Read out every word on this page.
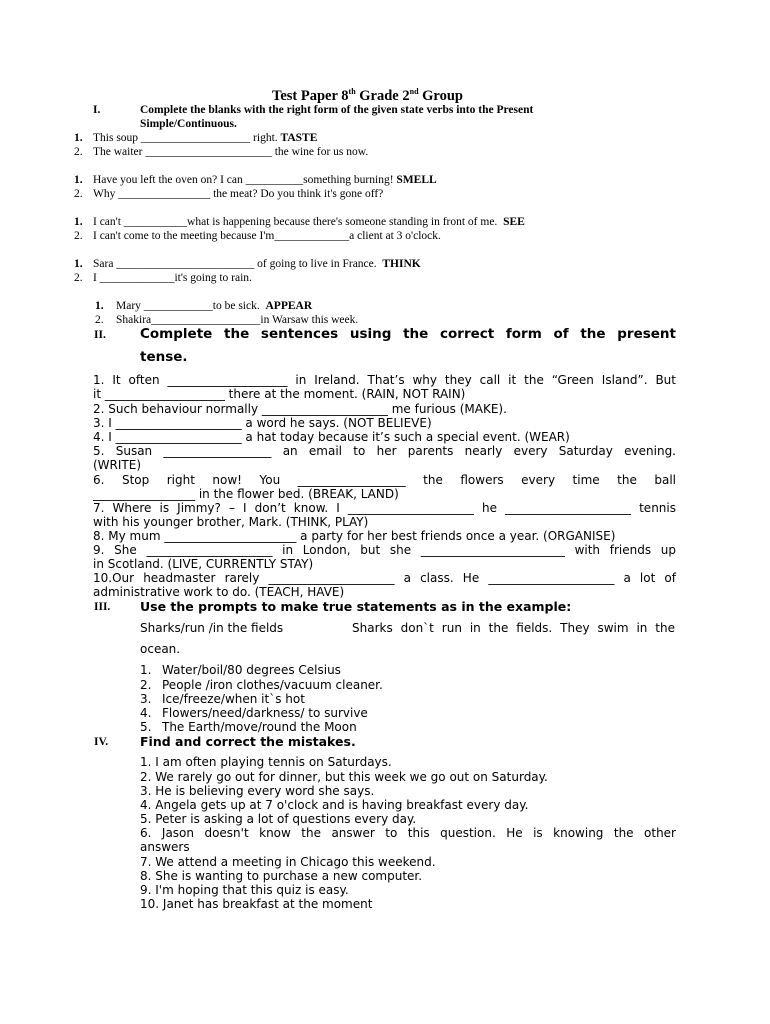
Test Paper 8th Grade 2nd Group
I.	Complete the blanks with the right form of the given state verbs into the Present
Simple/Continuous.
1. This soup ___________________ right. TASTE
2. The waiter ______________________ the wine for us now.
1. Have you left the oven on? I can __________something burning! SMELL
2. Why ________________ the meat? Do you think it's gone off?
1. I can't ___________what is happening because there's someone standing in front of me.  SEE
2. I can't come to the meeting because I'm_____________a client at 3 o'clock.
1. Sara ________________________ of going to live in France.  THINK
2. I _____________it's going to rain.
1. Mary ____________to be sick.  APPEAR
2. Shakira___________________in Warsaw this week.
II.	Complete the sentences using the correct form of the present
tense.
1. It often ____________________ in Ireland. That’s why they call it the “Green Island”. But
it ____________________ there at the moment. (RAIN, NOT RAIN)
2. Such behaviour normally _____________________ me furious (MAKE).
3. I _____________________ a word he says. (NOT BELIEVE)
4. I _____________________ a hat today because it’s such a special event. (WEAR)
5. Susan __________________ an email to her parents nearly every Saturday evening.
(WRITE)
6. Stop right now! You __________________ the flowers every time the ball
_________________ in the flower bed. (BREAK, LAND)
7. Where is Jimmy? – I don’t know. I _____________________ he _____________________ tennis
with his younger brother, Mark. (THINK, PLAY)
8. My mum ______________________ a party for her best friends once a year. (ORGANISE)
9. She _____________________ in London, but she ________________________ with friends up
in Scotland. (LIVE, CURRENTLY STAY)
10.Our headmaster rarely _____________________ a class. He _____________________ a lot of
administrative work to do. (TEACH, HAVE)
III. Use the prompts to make true statements as in the example:
Sharks/run /in the fields	Sharks don`t run in the fields. They swim in the
ocean.
1. Water/boil/80 degrees Celsius
2. People /iron clothes/vacuum cleaner.
3. Ice/freeze/when it`s hot
4. Flowers/need/darkness/ to survive
5. The Earth/move/round the Moon
IV.	Find and correct the mistakes.
1. I am often playing tennis on Saturdays.
2. We rarely go out for dinner, but this week we go out on Saturday.
3. He is believing every word she says.
4. Angela gets up at 7 o'clock and is having breakfast every day.
5. Peter is asking a lot of questions every day.
6. Jason doesn't know the answer to this question. He is knowing the other
answers
7. We attend a meeting in Chicago this weekend.
8. She is wanting to purchase a new computer.
9. I'm hoping that this quiz is easy.
10. Janet has breakfast at the moment
